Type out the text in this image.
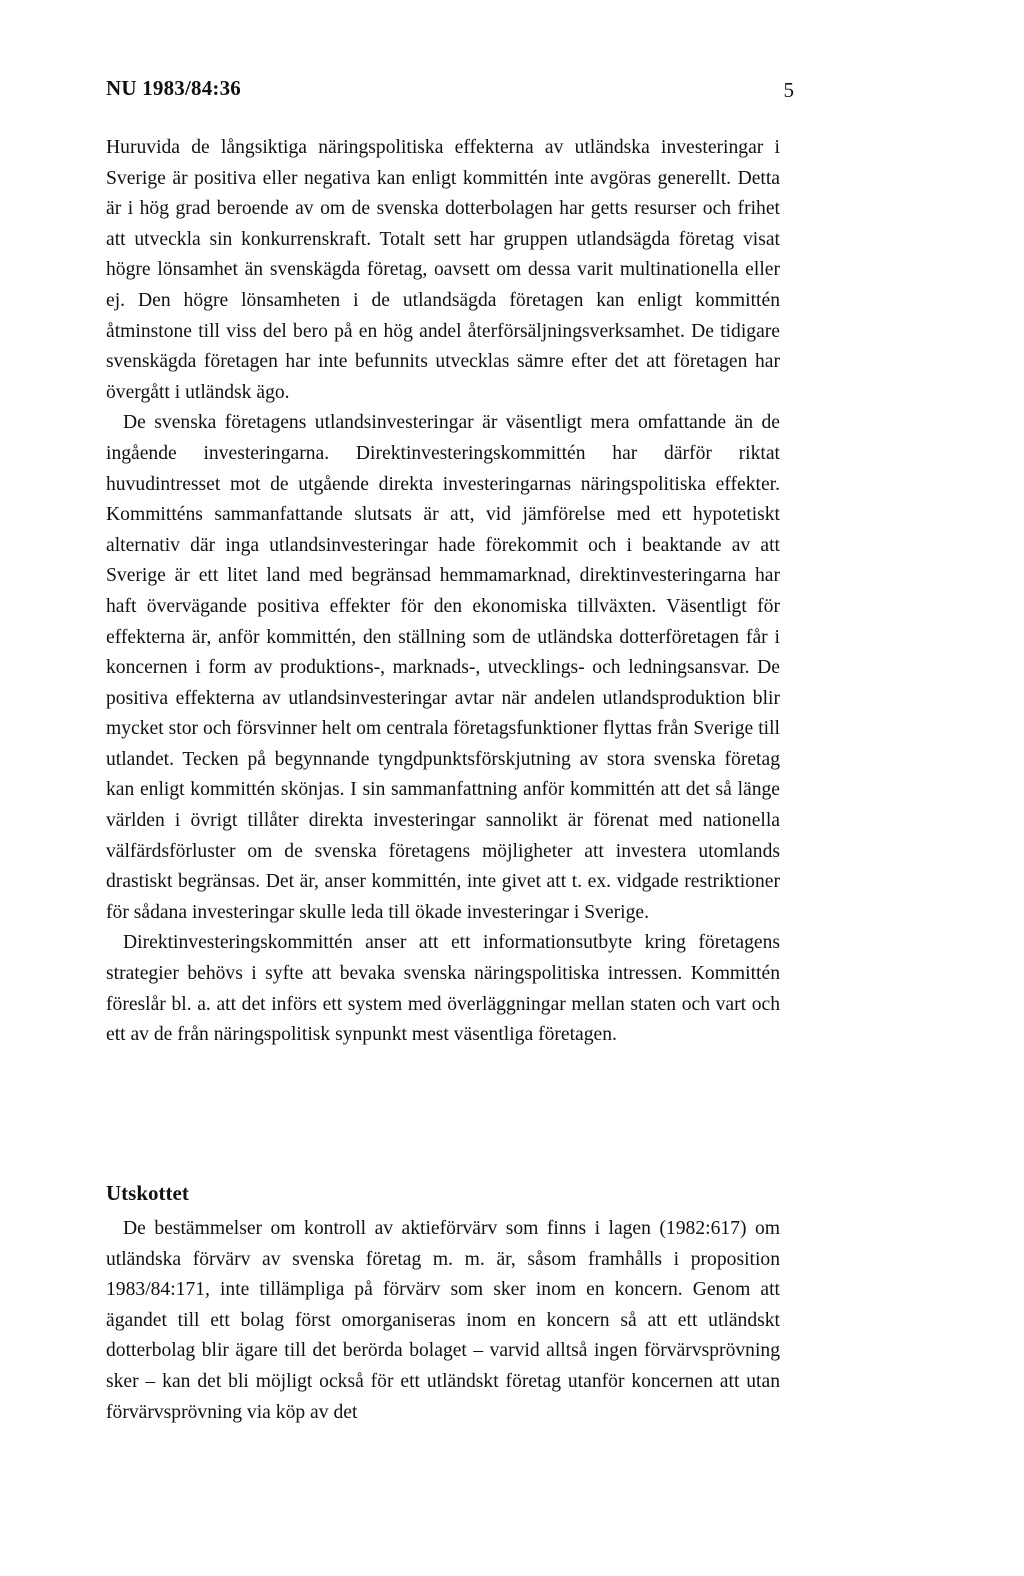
NU 1983/84:36	5

Huruvida de långsiktiga näringspolitiska effekterna av utländska investeringar i Sverige är positiva eller negativa kan enligt kommittén inte avgöras generellt. Detta är i hög grad beroende av om de svenska dotterbolagen har getts resurser och frihet att utveckla sin konkurrenskraft. Totalt sett har gruppen utlandsägda företag visat högre lönsamhet än svenskägda företag, oavsett om dessa varit multinationella eller ej. Den högre lönsamheten i de utlandsägda företagen kan enligt kommittén åtminstone till viss del bero på en hög andel återförsäljningsverksamhet. De tidigare svenskägda företagen har inte befunnits utvecklas sämre efter det att företagen har övergått i utländsk ägo.

De svenska företagens utlandsinvesteringar är väsentligt mera omfattande än de ingående investeringarna. Direktinvesteringskommittén har därför riktat huvudintresset mot de utgående direkta investeringarnas näringspolitiska effekter. Kommitténs sammanfattande slutsats är att, vid jämförelse med ett hypotetiskt alternativ där inga utlandsinvesteringar hade förekommit och i beaktande av att Sverige är ett litet land med begränsad hemmamarknad, direktinvesteringarna har haft övervägande positiva effekter för den ekonomiska tillväxten. Väsentligt för effekterna är, anför kommittén, den ställning som de utländska dotterföretagen får i koncernen i form av produktions-, marknads-, utvecklings- och ledningsansvar. De positiva effekterna av utlandsinvesteringar avtar när andelen utlandsproduktion blir mycket stor och försvinner helt om centrala företagsfunktioner flyttas från Sverige till utlandet. Tecken på begynnande tyngdpunktsförskjutning av stora svenska företag kan enligt kommittén skönjas. I sin sammanfattning anför kommittén att det så länge världen i övrigt tillåter direkta investeringar sannolikt är förenat med nationella välfärdsförluster om de svenska företagens möjligheter att investera utomlands drastiskt begränsas. Det är, anser kommittén, inte givet att t. ex. vidgade restriktioner för sådana investeringar skulle leda till ökade investeringar i Sverige.

Direktinvesteringskommittén anser att ett informationsutbyte kring företagens strategier behövs i syfte att bevaka svenska näringspolitiska intressen. Kommittén föreslår bl. a. att det införs ett system med överläggningar mellan staten och vart och ett av de från näringspolitisk synpunkt mest väsentliga företagen.

Utskottet

De bestämmelser om kontroll av aktieförvärv som finns i lagen (1982:617) om utländska förvärv av svenska företag m. m. är, såsom framhålls i proposition 1983/84:171, inte tillämpliga på förvärv som sker inom en koncern. Genom att ägandet till ett bolag först omorganiseras inom en koncern så att ett utländskt dotterbolag blir ägare till det berörda bolaget – varvid alltså ingen förvärvsprövning sker – kan det bli möjligt också för ett utländskt företag utanför koncernen att utan förvärvsprövning via köp av det
